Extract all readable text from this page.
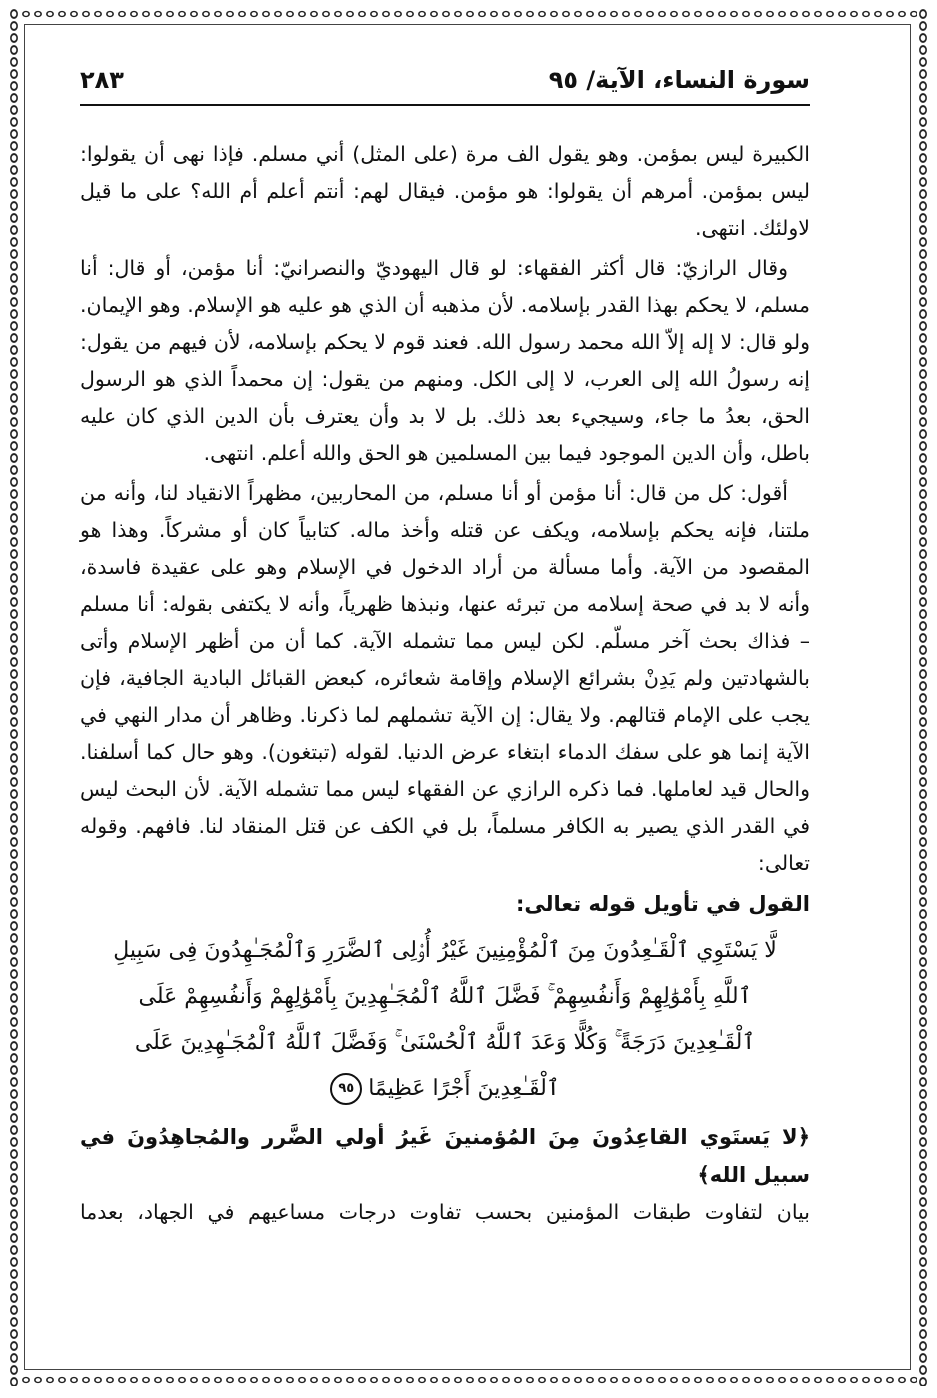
سورة النساء، الآية/ ٩٥
٢٨٣

الكبيرة ليس بمؤمن. وهو يقول الف مرة (على المثل) أني مسلم. فإذا نهى أن يقولوا: ليس بمؤمن. أمرهم أن يقولوا: هو مؤمن. فيقال لهم: أنتم أعلم أم الله؟ على ما قيل لاولئك. انتهى.

وقال الرازيّ: قال أكثر الفقهاء: لو قال اليهوديّ والنصرانيّ: أنا مؤمن، أو قال: أنا مسلم، لا يحكم بهذا القدر بإسلامه. لأن مذهبه أن الذي هو عليه هو الإسلام. وهو الإيمان. ولو قال: لا إله إلاّ الله محمد رسول الله. فعند قوم لا يحكم بإسلامه، لأن فيهم من يقول: إنه رسولُ الله إلى العرب، لا إلى الكل. ومنهم من يقول: إن محمداً الذي هو الرسول الحق، بعدُ ما جاء، وسيجيء بعد ذلك. بل لا بد وأن يعترف بأن الدين الذي كان عليه باطل، وأن الدين الموجود فيما بين المسلمين هو الحق والله أعلم. انتهى.

أقول: كل من قال: أنا مؤمن أو أنا مسلم، من المحاربين، مظهراً الانقياد لنا، وأنه من ملتنا، فإنه يحكم بإسلامه، ويكف عن قتله وأخذ ماله. كتابياً كان أو مشركاً. وهذا هو المقصود من الآية. وأما مسألة من أراد الدخول في الإسلام وهو على عقيدة فاسدة، وأنه لا بد في صحة إسلامه من تبرئه عنها، ونبذها ظهرياً، وأنه لا يكتفى بقوله: أنا مسلم – فذاك بحث آخر مسلّم. لكن ليس مما تشمله الآية. كما أن من أظهر الإسلام وأتى بالشهادتين ولم يَدِنْ بشرائع الإسلام وإقامة شعائره، كبعض القبائل البادية الجافية، فإن يجب على الإمام قتالهم. ولا يقال: إن الآية تشملهم لما ذكرنا. وظاهر أن مدار النهي في الآية إنما هو على سفك الدماء ابتغاء عرض الدنيا. لقوله (تبتغون). وهو حال كما أسلفنا. والحال قيد لعاملها. فما ذكره الرازي عن الفقهاء ليس مما تشمله الآية. لأن البحث ليس في القدر الذي يصير به الكافر مسلماً، بل في الكف عن قتل المنقاد لنا. فافهم. وقوله تعالى:

القول في تأويل قوله تعالى:

لَّا يَسْتَوِي ٱلْقَـٰعِدُونَ مِنَ ٱلْمُؤْمِنِينَ غَيْرُ أُو۟لِى ٱلضَّرَرِ وَٱلْمُجَـٰهِدُونَ فِى سَبِيلِ ٱللَّهِ بِأَمْوَٰلِهِمْ وَأَنفُسِهِمْ ۚ فَضَّلَ ٱللَّهُ ٱلْمُجَـٰهِدِينَ بِأَمْوَٰلِهِمْ وَأَنفُسِهِمْ عَلَى ٱلْقَـٰعِدِينَ دَرَجَةً ۚ وَكُلًّا وَعَدَ ٱللَّهُ ٱلْحُسْنَىٰ ۚ وَفَضَّلَ ٱللَّهُ ٱلْمُجَـٰهِدِينَ عَلَى ٱلْقَـٰعِدِينَ أَجْرًا عَظِيمًا٩٥

﴿لا يَستَوي القاعِدُونَ مِنَ المُؤمنينَ غَيرُ أولي الضَّرر والمُجاهِدُونَ في سبيل الله﴾

بيان لتفاوت طبقات المؤمنين بحسب تفاوت درجات مساعيهم في الجهاد، بعدما
